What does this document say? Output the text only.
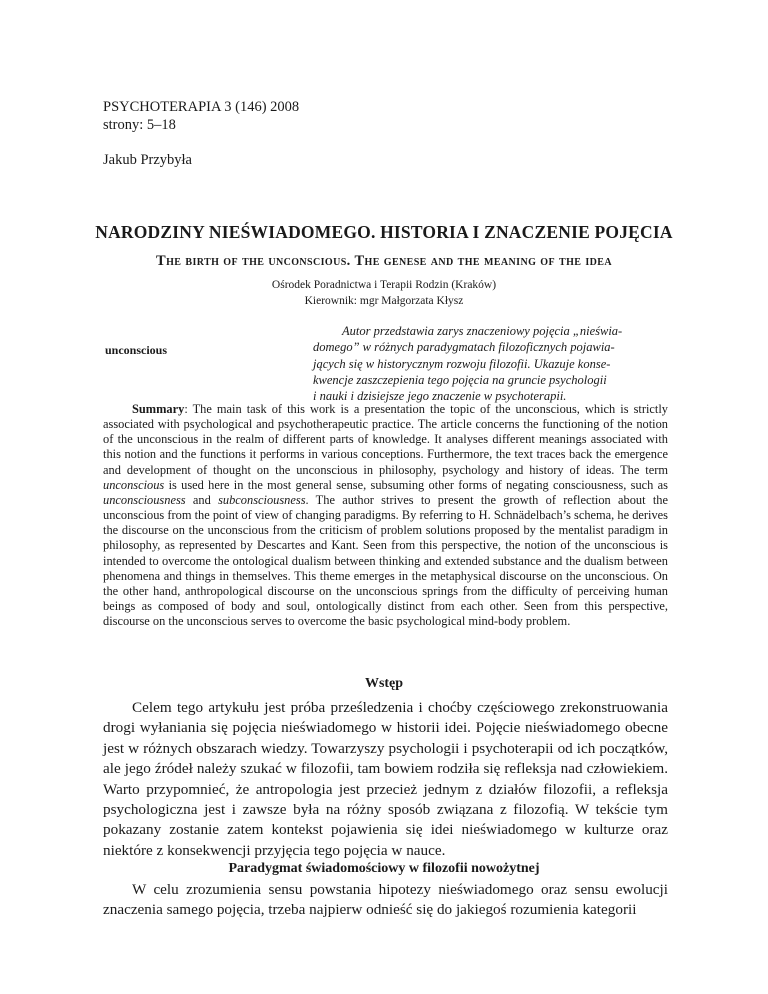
PSYCHOTERAPIA 3 (146) 2008
strony: 5–18
Jakub Przybyła
NARODZINY NIEŚWIADOMEGO. HISTORIA I ZNACZENIE POJĘCIA
The birth of the unconscious. The genese and the meaning of the idea
Ośrodek Poradnictwa i Terapii Rodzin (Kraków)
Kierownik: mgr Małgorzata Kłysz
Autor przedstawia zarys znaczeniowy pojęcia „nieświa-
domego” w różnych paradygmatach filozoficznych pojawia-
jących się w historycznym rozwoju filozofii. Ukazuje konse-
kwencje zaszczepienia tego pojęcia na gruncie psychologii
i nauki i dzisiejsze jego znaczenie w psychoterapii.
unconscious
Summary: The main task of this work is a presentation the topic of the unconscious, which is strictly associated with psychological and psychotherapeutic practice. The article concerns the functioning of the notion of the unconscious in the realm of different parts of knowledge. It analyses different meanings associated with this notion and the functions it performs in various conceptions. Furthermore, the text traces back the emergence and development of thought on the unconscious in philosophy, psychology and history of ideas. The term unconscious is used here in the most general sense, subsuming other forms of negating consciousness, such as unconsciousness and subconsciousness. The author strives to present the growth of reflection about the unconscious from the point of view of changing paradigms. By referring to H. Schnädelbach’s schema, he derives the discourse on the unconscious from the criticism of problem solutions proposed by the mentalist paradigm in philosophy, as represented by Descartes and Kant. Seen from this perspective, the notion of the unconscious is intended to overcome the ontological dualism between thinking and extended substance and the dualism between phenomena and things in themselves. This theme emerges in the metaphysical discourse on the unconscious. On the other hand, anthropological discourse on the unconscious springs from the difficulty of perceiving human beings as composed of body and soul, ontologically distinct from each other. Seen from this perspective, discourse on the unconscious serves to overcome the basic psychological mind-body problem.
Wstęp
Celem tego artykułu jest próba prześledzenia i choćby częściowego zrekonstruowania drogi wyłaniania się pojęcia nieświadomego w historii idei. Pojęcie nieświadomego obecne jest w różnych obszarach wiedzy. Towarzyszy psychologii i psychoterapii od ich początków, ale jego źródeł należy szukać w filozofii, tam bowiem rodziła się refleksja nad człowiekiem. Warto przypomnieć, że antropologia jest przecież jednym z działów filozofii, a refleksja psychologiczna jest i zawsze była na różny sposób związana z filozofią. W tekście tym pokazany zostanie zatem kontekst pojawienia się idei nieświadomego w kulturze oraz niektóre z konsekwencji przyjęcia tego pojęcia w nauce.
Paradygmat świadomościowy w filozofii nowożytnej
W celu zrozumienia sensu powstania hipotezy nieświadomego oraz sensu ewolucji znaczenia samego pojęcia, trzeba najpierw odnieść się do jakiegoś rozumienia kategorii
